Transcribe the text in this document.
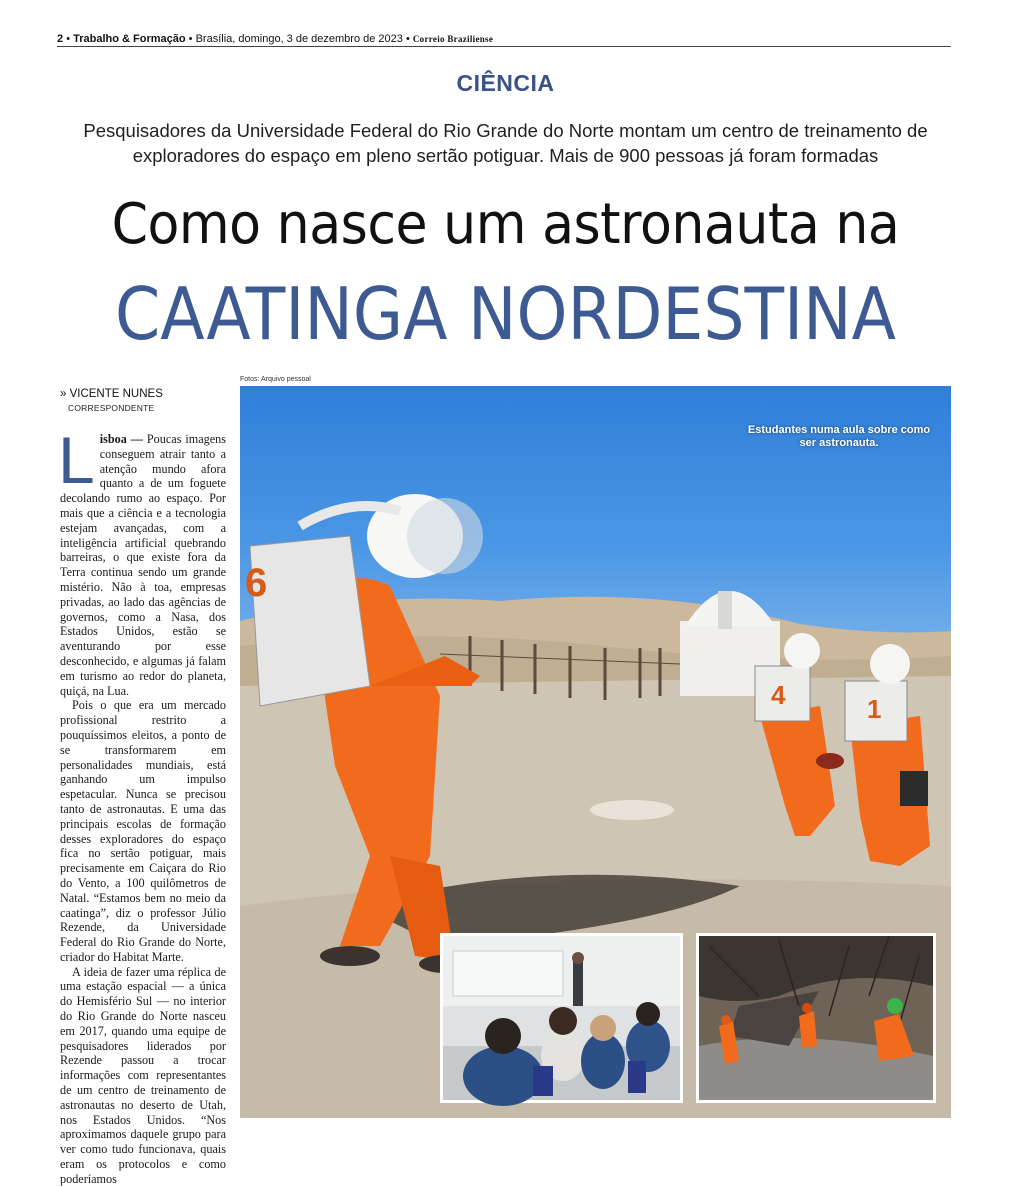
2 • Trabalho & Formação • Brasília, domingo, 3 de dezembro de 2023 • Correio Braziliense
CIÊNCIA
Pesquisadores da Universidade Federal do Rio Grande do Norte montam um centro de treinamento de exploradores do espaço em pleno sertão potiguar. Mais de 900 pessoas já foram formadas
Como nasce um astronauta na
CAATINGA NORDESTINA
» VICENTE NUNES
CORRESPONDENTE

Lisboa — Poucas imagens conseguem atrair tanto a atenção mundo afora quanto a de um foguete decolando rumo ao espaço. Por mais que a ciência e a tecnologia estejam avançadas, com a inteligência artificial quebrando barreiras, o que existe fora da Terra continua sendo um grande mistério. Não à toa, empresas privadas, ao lado das agências de governos, como a Nasa, dos Estados Unidos, estão se aventurando por esse desconhecido, e algumas já falam em turismo ao redor do planeta, quiçá, na Lua.

Pois o que era um mercado profissional restrito a pouquíssimos eleitos, a ponto de se transformarem em personalidades mundiais, está ganhando um impulso espetacular. Nunca se precisou tanto de astronautas. E uma das principais escolas de formação desses exploradores do espaço fica no sertão potiguar, mais precisamente em Caiçara do Rio do Vento, a 100 quilômetros de Natal. “Estamos bem no meio da caatinga”, diz o professor Júlio Rezende, da Universidade Federal do Rio Grande do Norte, criador do Habitat Marte.

A ideia de fazer uma réplica de uma estação espacial — a única do Hemisfério Sul — no interior do Rio Grande do Norte nasceu em 2017, quando uma equipe de pesquisadores liderados por Rezende passou a trocar informações com representantes de um centro de treinamento de astronautas no deserto de Utah, nos Estados Unidos. “Nos aproximamos daquele grupo para ver como tudo funcionava, quais eram os protocolos e como poderíamos

Fotos: Arquivo pessoal
6
4	1
Estudantes numa aula sobre como ser astronauta.
